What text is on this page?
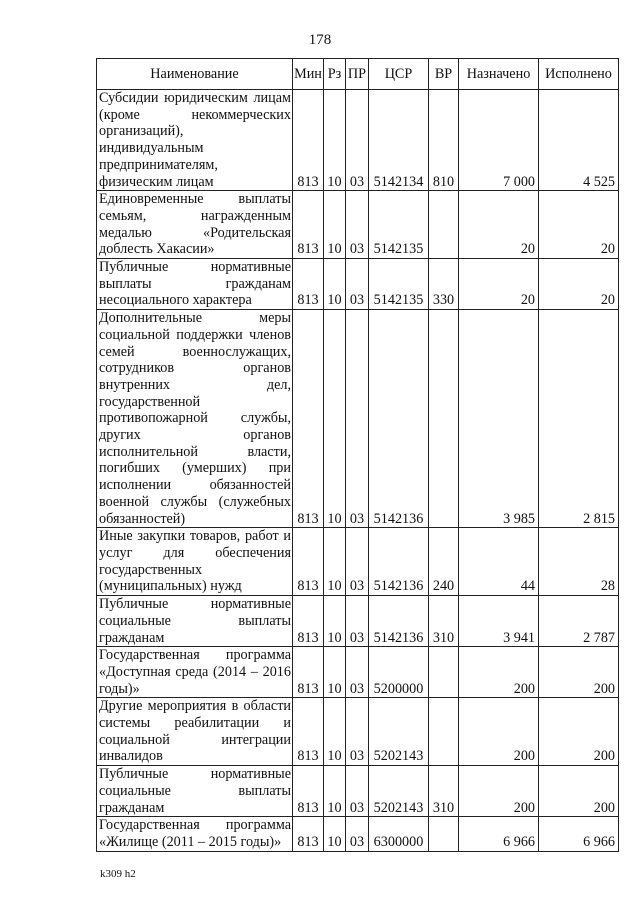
178
Наименование	Мин	Рз	ПР	ЦСР	ВР	Назначено	Исполнено
Субсидии юридическим лицам (кроме некоммерческих организаций), индивидуальным предпринимателям, физическим лицам	813	10	03	5142134	810	7 000	4 525
Единовременные выплаты семьям, награжденным медалью «Родительская доблесть Хакасии»	813	10	03	5142135		20	20
Публичные нормативные выплаты гражданам несоциального характера	813	10	03	5142135	330	20	20
Дополнительные меры социальной поддержки членов семей военнослужащих, сотрудников органов внутренних дел, государственной противопожарной службы, других органов исполнительной власти, погибших (умерших) при исполнении обязанностей военной службы (служебных обязанностей)	813	10	03	5142136		3 985	2 815
Иные закупки товаров, работ и услуг для обеспечения государственных (муниципальных) нужд	813	10	03	5142136	240	44	28
Публичные нормативные социальные выплаты гражданам	813	10	03	5142136	310	3 941	2 787
Государственная программа «Доступная среда (2014 – 2016 годы)»	813	10	03	5200000		200	200
Другие мероприятия в области системы реабилитации и социальной интеграции инвалидов	813	10	03	5202143		200	200
Публичные нормативные социальные выплаты гражданам	813	10	03	5202143	310	200	200
Государственная программа «Жилище (2011 – 2015 годы)»	813	10	03	6300000		6 966	6 966
k309 h2
